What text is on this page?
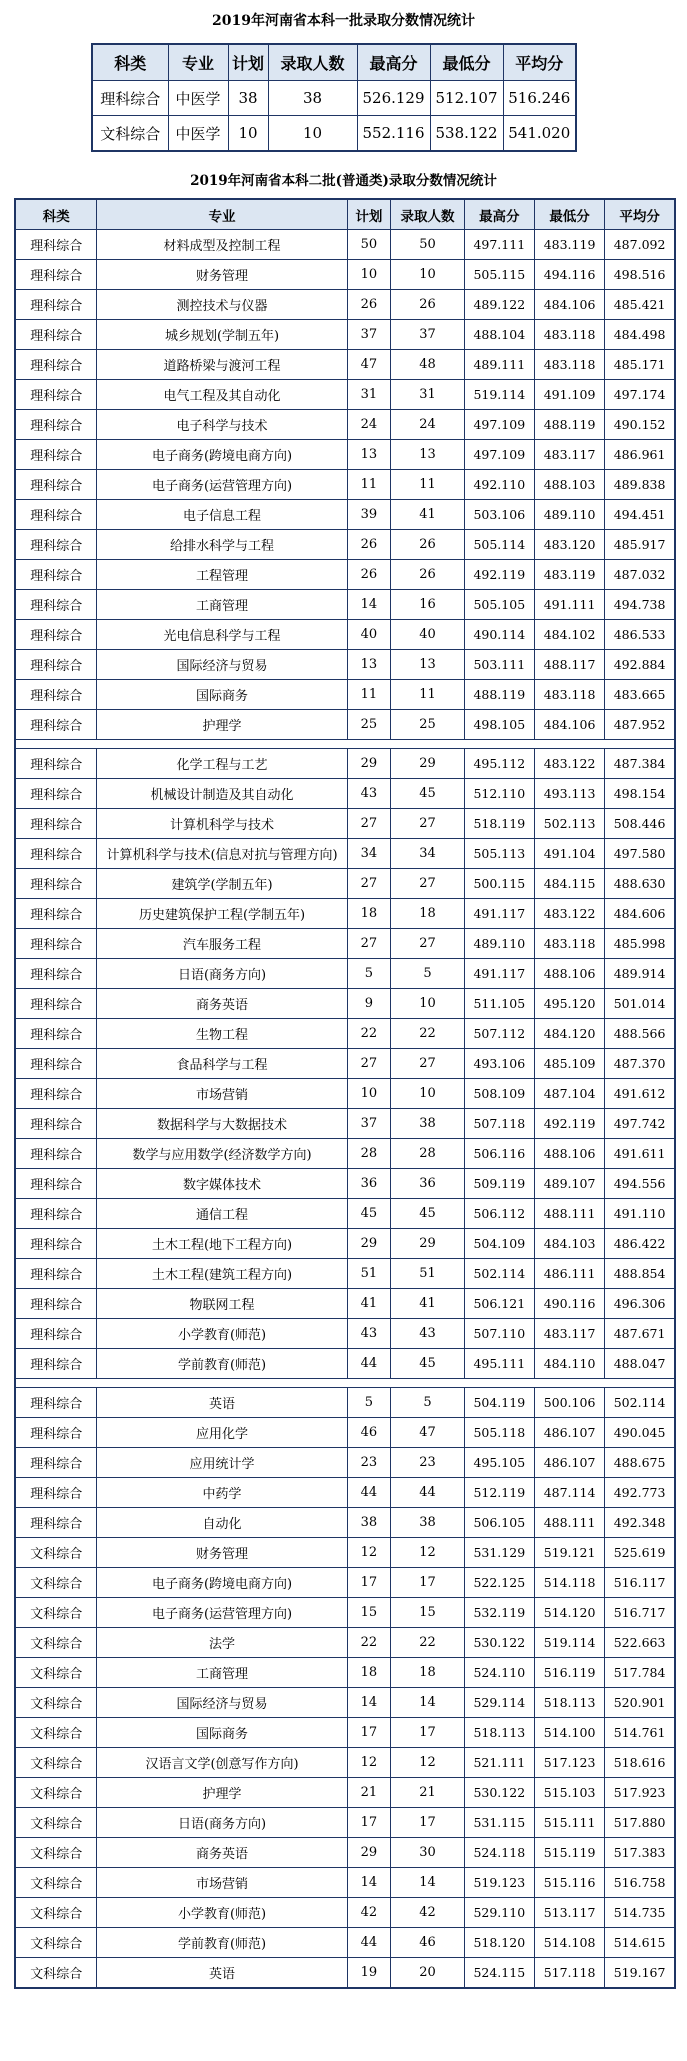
2019年河南省本科一批录取分数情况统计
科类	专业	计划	录取人数	最高分	最低分	平均分
理科综合	中医学	38	38	526.129	512.107	516.246
文科综合	中医学	10	10	552.116	538.122	541.020
2019年河南省本科二批(普通类)录取分数情况统计
科类	专业	计划	录取人数	最高分	最低分	平均分
理科综合	材料成型及控制工程	50	50	497.111	483.119	487.092
理科综合	财务管理	10	10	505.115	494.116	498.516
理科综合	测控技术与仪器	26	26	489.122	484.106	485.421
理科综合	城乡规划(学制五年)	37	37	488.104	483.118	484.498
理科综合	道路桥梁与渡河工程	47	48	489.111	483.118	485.171
理科综合	电气工程及其自动化	31	31	519.114	491.109	497.174
理科综合	电子科学与技术	24	24	497.109	488.119	490.152
理科综合	电子商务(跨境电商方向)	13	13	497.109	483.117	486.961
理科综合	电子商务(运营管理方向)	11	11	492.110	488.103	489.838
理科综合	电子信息工程	39	41	503.106	489.110	494.451
理科综合	给排水科学与工程	26	26	505.114	483.120	485.917
理科综合	工程管理	26	26	492.119	483.119	487.032
理科综合	工商管理	14	16	505.105	491.111	494.738
理科综合	光电信息科学与工程	40	40	490.114	484.102	486.533
理科综合	国际经济与贸易	13	13	503.111	488.117	492.884
理科综合	国际商务	11	11	488.119	483.118	483.665
理科综合	护理学	25	25	498.105	484.106	487.952

理科综合	化学工程与工艺	29	29	495.112	483.122	487.384
理科综合	机械设计制造及其自动化	43	45	512.110	493.113	498.154
理科综合	计算机科学与技术	27	27	518.119	502.113	508.446
理科综合	计算机科学与技术(信息对抗与管理方向)	34	34	505.113	491.104	497.580
理科综合	建筑学(学制五年)	27	27	500.115	484.115	488.630
理科综合	历史建筑保护工程(学制五年)	18	18	491.117	483.122	484.606
理科综合	汽车服务工程	27	27	489.110	483.118	485.998
理科综合	日语(商务方向)	5	5	491.117	488.106	489.914
理科综合	商务英语	9	10	511.105	495.120	501.014
理科综合	生物工程	22	22	507.112	484.120	488.566
理科综合	食品科学与工程	27	27	493.106	485.109	487.370
理科综合	市场营销	10	10	508.109	487.104	491.612
理科综合	数据科学与大数据技术	37	38	507.118	492.119	497.742
理科综合	数学与应用数学(经济数学方向)	28	28	506.116	488.106	491.611
理科综合	数字媒体技术	36	36	509.119	489.107	494.556
理科综合	通信工程	45	45	506.112	488.111	491.110
理科综合	土木工程(地下工程方向)	29	29	504.109	484.103	486.422
理科综合	土木工程(建筑工程方向)	51	51	502.114	486.111	488.854
理科综合	物联网工程	41	41	506.121	490.116	496.306
理科综合	小学教育(师范)	43	43	507.110	483.117	487.671
理科综合	学前教育(师范)	44	45	495.111	484.110	488.047

理科综合	英语	5	5	504.119	500.106	502.114
理科综合	应用化学	46	47	505.118	486.107	490.045
理科综合	应用统计学	23	23	495.105	486.107	488.675
理科综合	中药学	44	44	512.119	487.114	492.773
理科综合	自动化	38	38	506.105	488.111	492.348
文科综合	财务管理	12	12	531.129	519.121	525.619
文科综合	电子商务(跨境电商方向)	17	17	522.125	514.118	516.117
文科综合	电子商务(运营管理方向)	15	15	532.119	514.120	516.717
文科综合	法学	22	22	530.122	519.114	522.663
文科综合	工商管理	18	18	524.110	516.119	517.784
文科综合	国际经济与贸易	14	14	529.114	518.113	520.901
文科综合	国际商务	17	17	518.113	514.100	514.761
文科综合	汉语言文学(创意写作方向)	12	12	521.111	517.123	518.616
文科综合	护理学	21	21	530.122	515.103	517.923
文科综合	日语(商务方向)	17	17	531.115	515.111	517.880
文科综合	商务英语	29	30	524.118	515.119	517.383
文科综合	市场营销	14	14	519.123	515.116	516.758
文科综合	小学教育(师范)	42	42	529.110	513.117	514.735
文科综合	学前教育(师范)	44	46	518.120	514.108	514.615
文科综合	英语	19	20	524.115	517.118	519.167
